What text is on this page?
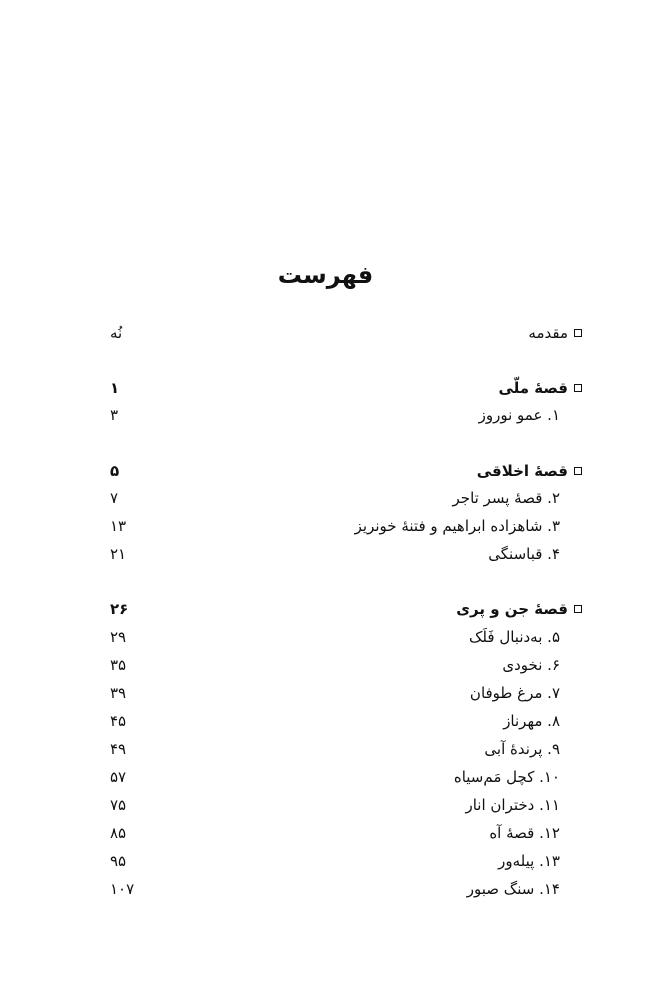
فهرست
مقدمه
نُه
قصۀ ملّی
۱
۱. عمو نوروز
۳
قصۀ اخلاقی
۵
۲. قصۀ پسر تاجر
۷
۳. شاهزاده ابراهیم و فتنۀ خونریز
۱۳
۴. قباسنگی
۲۱
قصۀ جن و پری
۲۶
۵. به‌دنبال فَلَک
۲۹
۶. نخودی
۳۵
۷. مرغ طوفان
۳۹
۸. مهرناز
۴۵
۹. پرندۀ آبی
۴۹
۱۰. کچل مَم‌سیاه
۵۷
۱۱. دختران انار
۷۵
۱۲. قصۀ آه
۸۵
۱۳. پیله‌ور
۹۵
۱۴. سنگ صبور
۱۰۷
